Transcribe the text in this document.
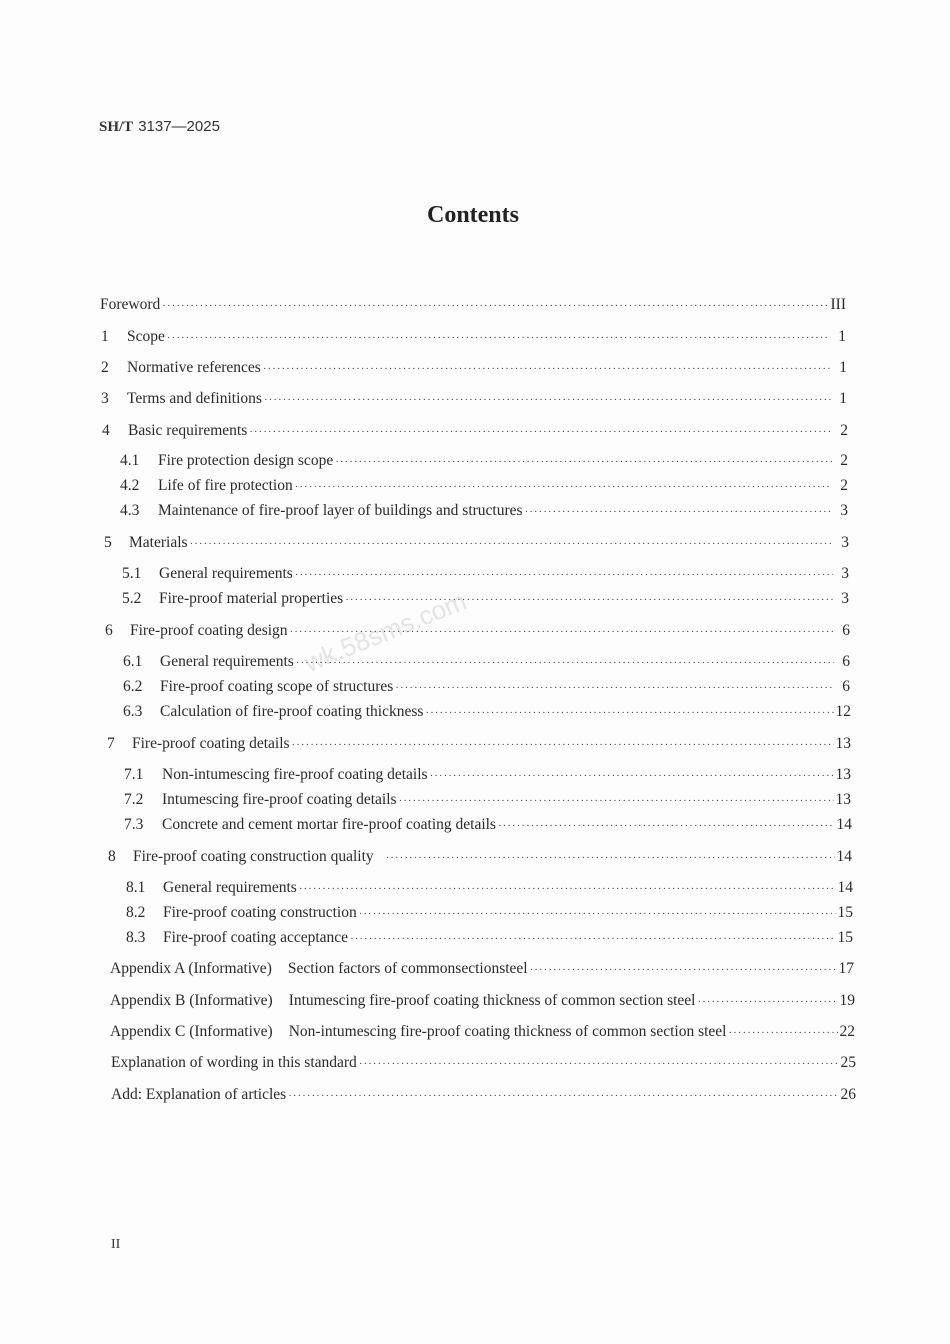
SH/T 3137—2025
Contents
wk.58sms.com
Foreword ·····	III
1	Scope ·····	1
2	Normative references ·····	1
3	Terms and definitions ·····	1
4	Basic requirements ·····	2
4.1	Fire protection design scope ·····	2
4.2	Life of fire protection ·····	2
4.3	Maintenance of fire-proof layer of buildings and structures ·····	3
5	Materials ·····	3
5.1	General requirements ·····	3
5.2	Fire-proof material properties ·····	3
6	Fire-proof coating design ·····	6
6.1	General requirements ·····	6
6.2	Fire-proof coating scope of structures ·····	6
6.3	Calculation of fire-proof coating thickness ·····	12
7	Fire-proof coating details ·····	13
7.1	Non-intumescing fire-proof coating details ·····	13
7.2	Intumescing fire-proof coating details ·····	13
7.3	Concrete and cement mortar fire-proof coating details ·····	14
8	Fire-proof coating construction quality ·····	14
8.1	General requirements ·····	14
8.2	Fire-proof coating construction ·····	15
8.3	Fire-proof coating acceptance ·····	15
Appendix A (Informative) Section factors of commonsectionsteel ·····	17
Appendix B (Informative) Intumescing fire-proof coating thickness of common section steel ·····	19
Appendix C (Informative) Non-intumescing fire-proof coating thickness of common section steel ·····	22
Explanation of wording in this standard ·····	25
Add: Explanation of articles ·····	26
II
